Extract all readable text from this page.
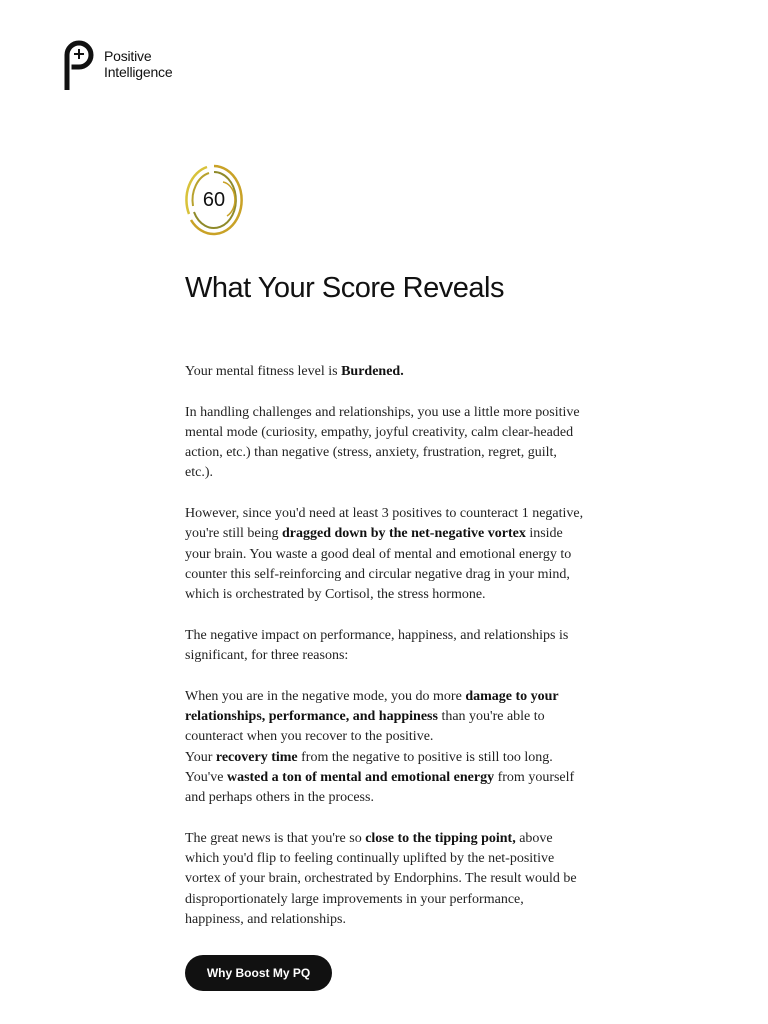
Positive
Intelligence
60
What Your Score Reveals

Your mental fitness level is Burdened.

In handling challenges and relationships, you use a little more positive mental mode (curiosity, empathy, joyful creativity, calm clear-headed action, etc.) than negative (stress, anxiety, frustration, regret, guilt, etc.).

However, since you'd need at least 3 positives to counteract 1 negative, you're still being dragged down by the net-negative vortex inside your brain. You waste a good deal of mental and emotional energy to counter this self-reinforcing and circular negative drag in your mind, which is orchestrated by Cortisol, the stress hormone.

The negative impact on performance, happiness, and relationships is significant, for three reasons:

When you are in the negative mode, you do more damage to your relationships, performance, and happiness than you're able to counteract when you recover to the positive.
Your recovery time from the negative to positive is still too long.
You've wasted a ton of mental and emotional energy from yourself and perhaps others in the process.

The great news is that you're so close to the tipping point, above which you'd flip to feeling continually uplifted by the net-positive vortex of your brain, orchestrated by Endorphins. The result would be disproportionately large improvements in your performance, happiness, and relationships.

Why Boost My PQ
